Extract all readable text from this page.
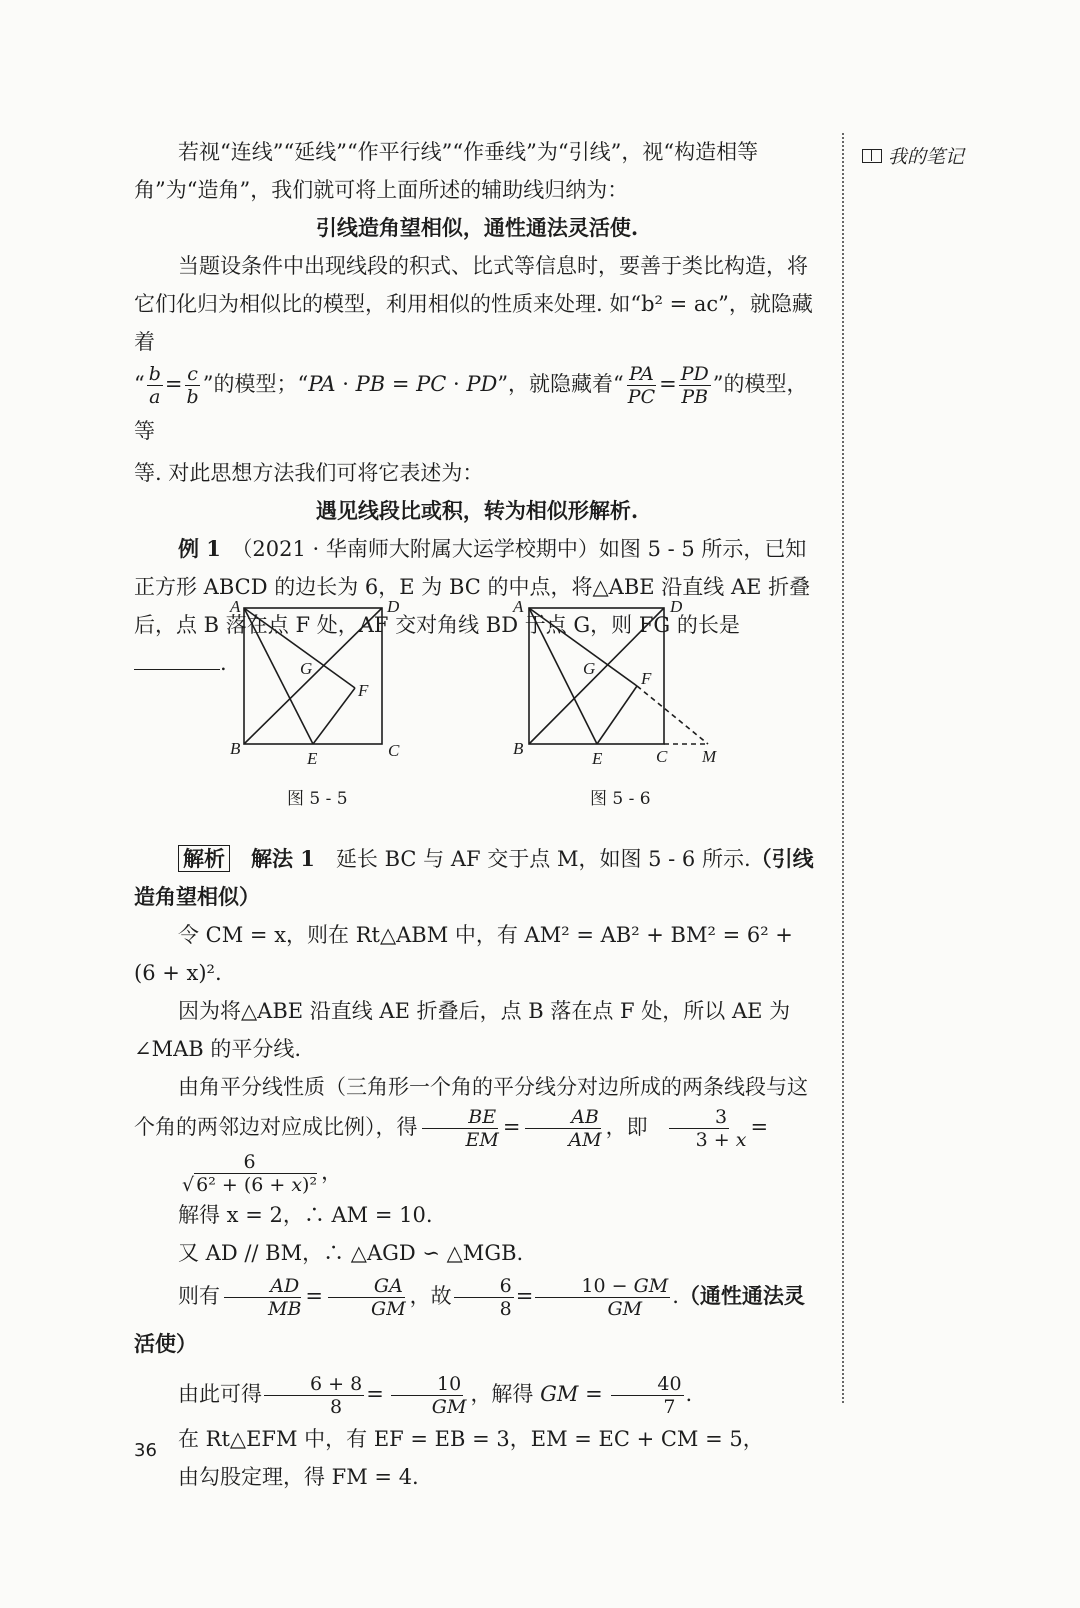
我的笔记

若视“连线”“延线”“作平行线”“作垂线”为“引线”，视“构造相等角”为“造角”，我们就可将上面所述的辅助线归纳为：

引线造角望相似，通性通法灵活使.

当题设条件中出现线段的积式、比式等信息时，要善于类比构造，将它们化归为相似比的模型，利用相似的性质来处理. 如“b² = ac”，就隐藏着

“ $\frac{b}{a} = \frac{c}{b}$ ”的模型；“PA · PB = PC · PD”，就隐藏着“ $\frac{PA}{PC} = \frac{PD}{PB}$ ”的模型，等

等. 对此思想方法我们可将它表述为：

遇见线段比或积，转为相似形解析.

例 1　 （2021 · 华南师大附属大运学校期中）如图 5 - 5 所示，已知正方形 ABCD 的边长为 6，E 为 BC 的中点，将△ABE 沿直线 AE 折叠后，点 B 落在点 F 处，AF 交对角线 BD 于点 G，则 FG 的长是.

A	D
B	C
E
F
G
A	D
B	C
E
F
G
M
图 5 - 5	图 5 - 6

解析　 解法 1　 延长 BC 与 AF 交于点 M，如图 5 - 6 所示.（引线造角望相似）

令 CM = x，则在 Rt△ABM 中，有 AM² = AB² + BM² = 6² + (6 + x)².

因为将△ABE 沿直线 AE 折叠后，点 B 落在点 F 处，所以 AE 为∠MAB 的平分线.

由角平分线性质（三角形一个角的平分线分对边所成的两条线段与这个角的两邻边对应成比例），得 $\frac{BE}{EM} = \frac{AB}{AM}$ ，即 $\frac{3}{3 + x}$ =
$\frac{6}{\text{√ 6² + (6 + x)²}}$ ，

解得 x = 2，∴ AM = 10.

又 AD // BM，∴ △AGD ∽ △MGB.

则有 $\frac{AD}{MB} = \frac{GA}{GM}$ ，故 $\frac{6}{8} = \frac{10 - GM}{GM}$ .（通性通法灵活使）

由此可得 $\frac{6 + 8}{8} = \frac{10}{GM}$ ，解得 GM = $\frac{40}{7}$ .

在 Rt△EFM 中，有 EF = EB = 3，EM = EC + CM = 5，

由勾股定理，得 FM = 4.

36
